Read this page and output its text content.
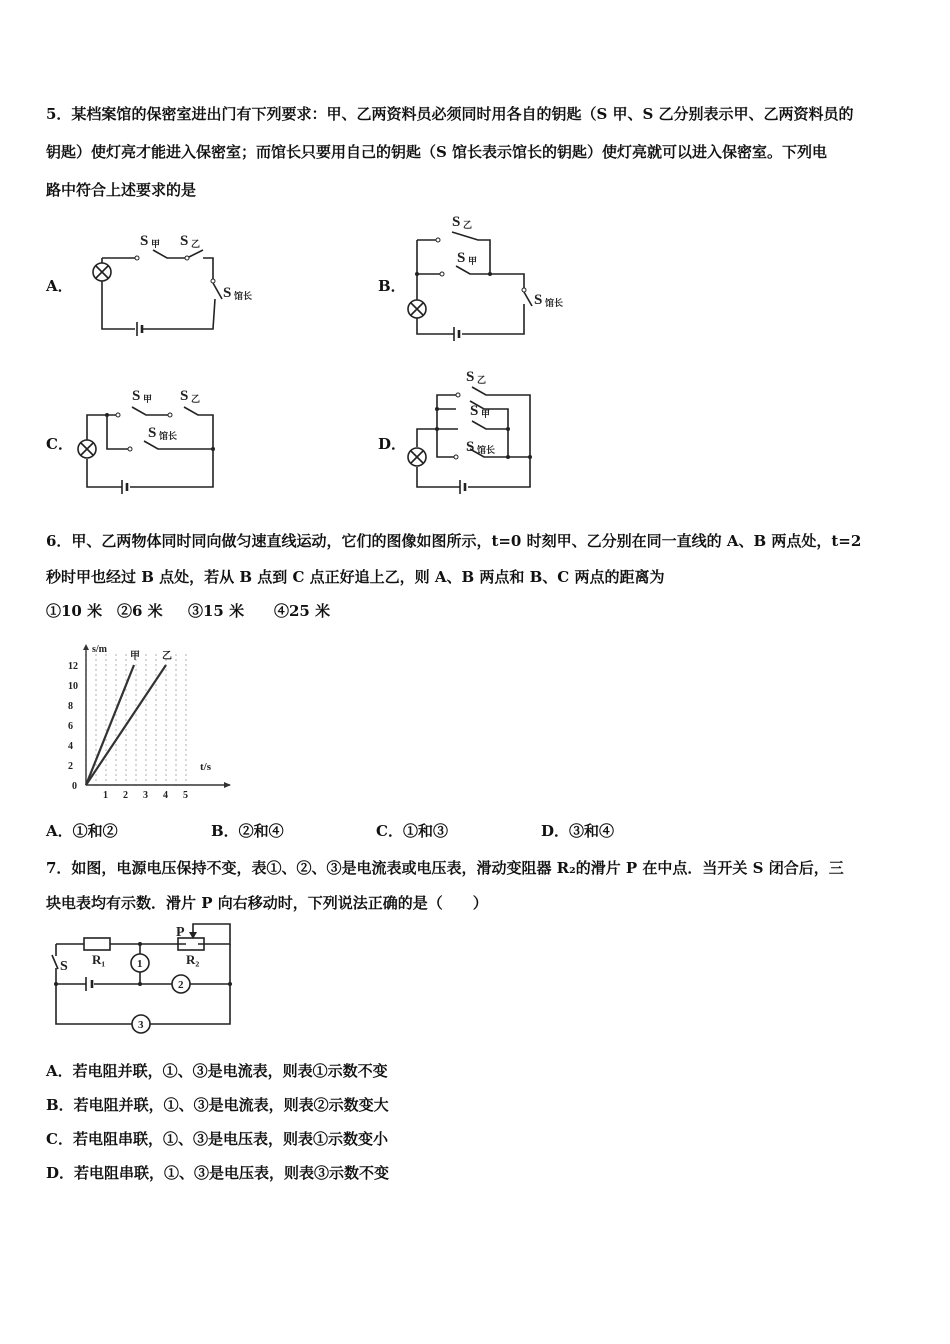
5．某档案馆的保密室进出门有下列要求：甲、乙两资料员必须同时用各自的钥匙（S 甲、S 乙分别表示甲、乙两资料员的
钥匙）使灯亮才能进入保密室；而馆长只要用自己的钥匙（S 馆长表示馆长的钥匙）使灯亮就可以进入保密室。下列电
路中符合上述要求的是
A．	B．
C．	D．
S 甲 S 乙
S 馆长
S 乙
S 甲
S 馆长
S 甲 S 乙
S 馆长
S 乙
S 甲
S 馆长
6．甲、乙两物体同时同向做匀速直线运动，它们的图像如图所示，t=0 时刻甲、乙分别在同一直线的 A、B 两点处，t=2
秒时甲也经过 B 点处，若从 B 点到 C 点正好追上乙，则 A、B 两点和 B、C 两点的距离为
①10 米 ②6 米 ③15 米 ④25 米
s/m
t/s
甲 乙
0
1 2 3 4 5
2
4
6
8
10
12
A．①和②	B．②和④	C．①和③	D．③和④
7．如图，电源电压保持不变，表①、②、③是电流表或电压表，滑动变阻器 R₂的滑片 P 在中点．当开关 S 闭合后，三
块电表均有示数．滑片 P 向右移动时，下列说法正确的是（　　）
1
2
3
P
R₁	R₂
S
A．若电阻并联，①、③是电流表，则表①示数不变
B．若电阻并联，①、③是电流表，则表②示数变大
C．若电阻串联，①、③是电压表，则表①示数变小
D．若电阻串联，①、③是电压表，则表③示数不变
